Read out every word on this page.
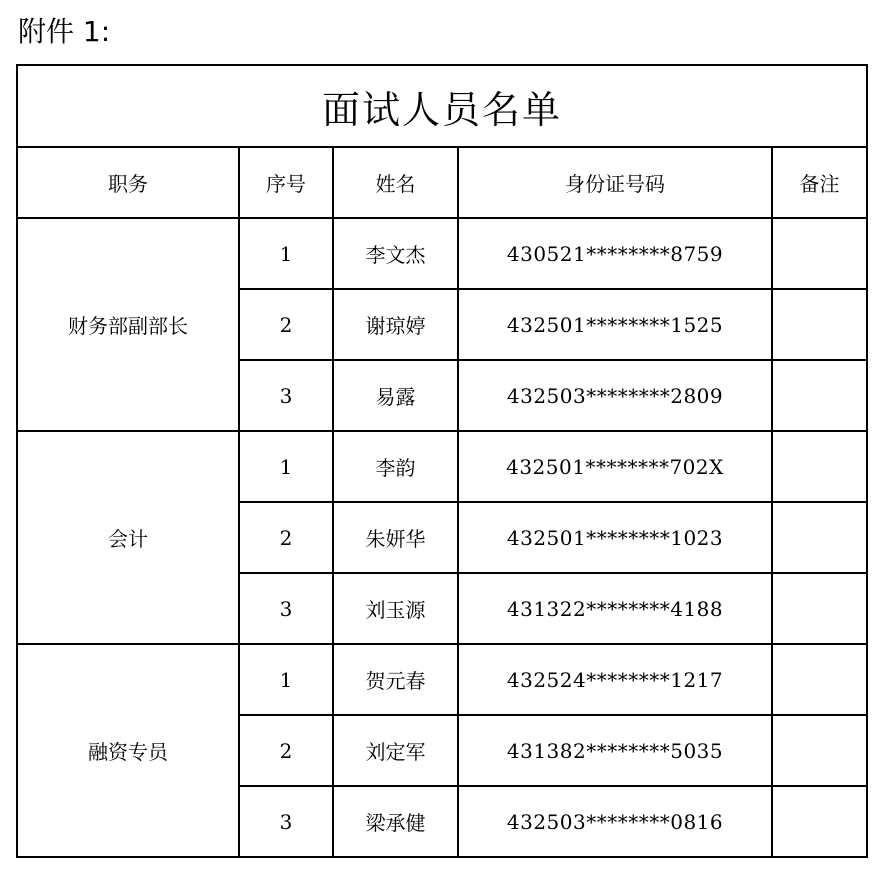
附件 1:
面试人员名单				
职务	序号	姓名	身份证号码	备注
财务部副部长	1	李文杰	430521********8759	
	2	谢琼婷	432501********1525	
	3	易露	432503********2809	
会计	1	李韵	432501********702X	
	2	朱妍华	432501********1023	
	3	刘玉源	431322********4188	
融资专员	1	贺元春	432524********1217	
	2	刘定军	431382********5035	
	3	梁承健	432503********0816	
